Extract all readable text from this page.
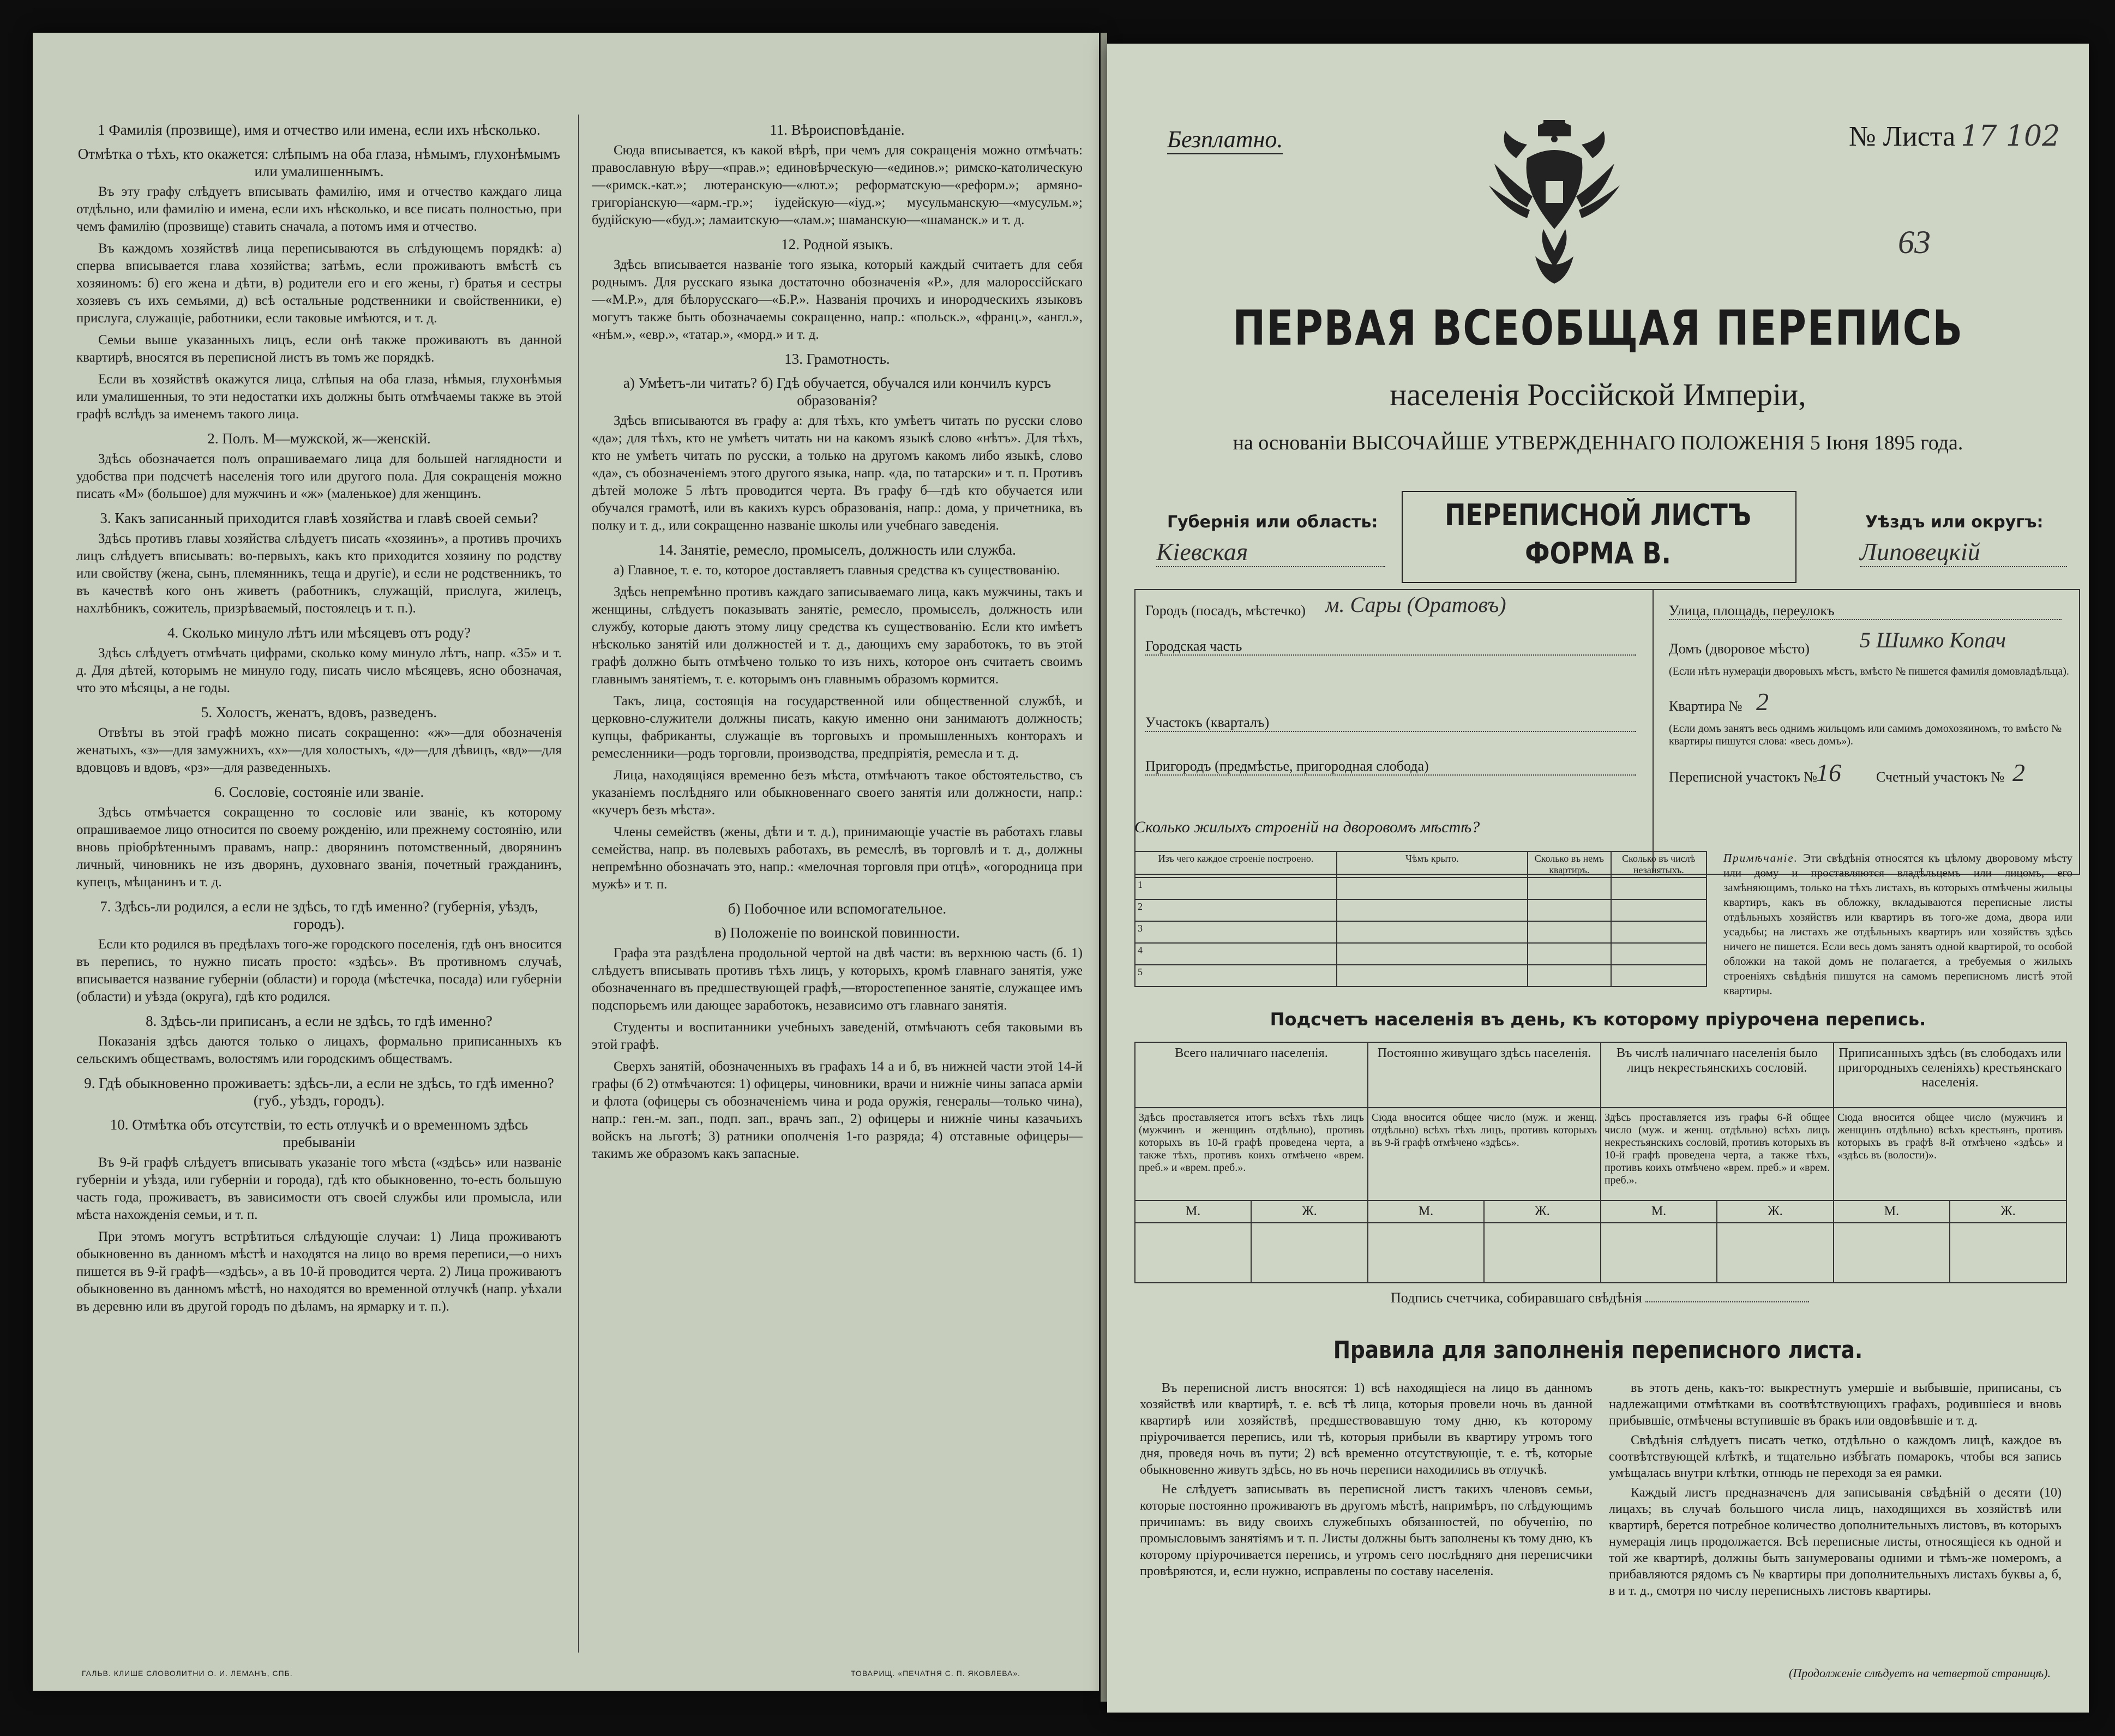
1 Фамилія (прозвище), имя и отчество или имена, если ихъ нѣсколько.
Отмѣтка о тѣхъ, кто окажется: слѣпымъ на оба глаза, нѣмымъ, глухонѣмымъ или умалишеннымъ.

Въ эту графу слѣдуетъ вписывать фамилію, имя и отчество каждаго лица отдѣльно, или фамилію и имена, если ихъ нѣсколько, и все писать полностью, при чемъ фамилію (прозвище) ставить сначала, а потомъ имя и отчество.

Въ каждомъ хозяйствѣ лица переписываются въ слѣдующемъ порядкѣ: а) сперва вписывается глава хозяйства; затѣмъ, если проживаютъ вмѣстѣ съ хозяиномъ: б) его жена и дѣти, в) родители его и его жены, г) братья и сестры хозяевъ съ ихъ семьями, д) всѣ остальные родственники и свойственники, е) прислуга, служащіе, работники, если таковые имѣются, и т. д.

Семьи выше указанныхъ лицъ, если онѣ также проживаютъ въ данной квартирѣ, вносятся въ переписной листъ въ томъ же порядкѣ.

Если въ хозяйствѣ окажутся лица, слѣпыя на оба глаза, нѣмыя, глухонѣмыя или умалишенныя, то эти недостатки ихъ должны быть отмѣчаемы также въ этой графѣ вслѣдъ за именемъ такого лица.

2. Полъ. М—мужской, ж—женскій.

Здѣсь обозначается полъ опрашиваемаго лица для большей наглядности и удобства при подсчетѣ населенія того или другого пола. Для сокращенія можно писать «М» (большое) для мужчинъ и «ж» (маленькое) для женщинъ.

3. Какъ записанный приходится главѣ хозяйства и главѣ своей семьи?

Здѣсь противъ главы хозяйства слѣдуетъ писать «хозяинъ», а противъ прочихъ лицъ слѣдуетъ вписывать: во-первыхъ, какъ кто приходится хозяину по родству или свойству (жена, сынъ, племянникъ, теща и другіе), и если не родственникъ, то въ качествѣ кого онъ живетъ (работникъ, служащій, прислуга, жилецъ, нахлѣбникъ, сожитель, призрѣваемый, постоялецъ и т. п.).

4. Сколько минуло лѣтъ или мѣсяцевъ отъ роду?

Здѣсь слѣдуетъ отмѣчать цифрами, сколько кому минуло лѣтъ, напр. «35» и т. д. Для дѣтей, которымъ не минуло году, писать число мѣсяцевъ, ясно обозначая, что это мѣсяцы, а не годы.

5. Холостъ, женатъ, вдовъ, разведенъ.

Отвѣты въ этой графѣ можно писать сокращенно: «ж»—для обозначенія женатыхъ, «з»—для замужнихъ, «х»—для холостыхъ, «д»—для дѣвицъ, «вд»—для вдовцовъ и вдовъ, «рз»—для разведенныхъ.

6. Сословіе, состояніе или званіе.

Здѣсь отмѣчается сокращенно то сословіе или званіе, къ которому опрашиваемое лицо относится по своему рожденію, или прежнему состоянію, или вновь пріобрѣтеннымъ правамъ, напр.: дворянинъ потомственный, дворянинъ личный, чиновникъ не изъ дворянъ, духовнаго званія, почетный гражданинъ, купецъ, мѣщанинъ и т. д.

7. Здѣсь-ли родился, а если не здѣсь, то гдѣ именно? (губернія, уѣздъ, городъ).

Если кто родился въ предѣлахъ того-же городского поселенія, гдѣ онъ вносится въ перепись, то нужно писать просто: «здѣсь». Въ противномъ случаѣ, вписывается название губерніи (области) и города (мѣстечка, посада) или губерніи (области) и уѣзда (округа), гдѣ кто родился.

8. Здѣсь-ли приписанъ, а если не здѣсь, то гдѣ именно?

Показанія здѣсь даются только о лицахъ, формально приписанныхъ къ сельскимъ обществамъ, волостямъ или городскимъ обществамъ.

9. Гдѣ обыкновенно проживаетъ: здѣсь-ли, а если не здѣсь, то гдѣ именно? (губ., уѣздъ, городъ).
10. Отмѣтка объ отсутствіи, то есть отлучкѣ и о временномъ здѣсь пребываніи

Въ 9-й графѣ слѣдуетъ вписывать указаніе того мѣста («здѣсь» или названіе губерніи и уѣзда, или губерніи и города), гдѣ кто обыкновенно, то-есть большую часть года, проживаетъ, въ зависимости отъ своей службы или промысла, или мѣста нахожденія семьи, и т. п.

При этомъ могутъ встрѣтиться слѣдующіе случаи: 1) Лица проживаютъ обыкновенно въ данномъ мѣстѣ и находятся на лицо во время переписи,—о нихъ пишется въ 9-й графѣ—«здѣсь», а въ 10-й проводится черта. 2) Лица проживаютъ обыкновенно въ данномъ мѣстѣ, но находятся во временной отлучкѣ (напр. уѣхали въ деревню или въ другой городъ по дѣламъ, на ярмарку и т. п.).

11. Вѣроисповѣданіе.

Сюда вписывается, къ какой вѣрѣ, при чемъ для сокращенія можно отмѣчать: православную вѣру—«прав.»; единовѣрческую—«единов.»; римско-католическую—«римск.-кат.»; лютеранскую—«лют.»; реформатскую—«реформ.»; армяно-григоріанскую—«арм.-гр.»; іудейскую—«іуд.»; мусульманскую—«мусульм.»; будійскую—«буд.»; ламаитскую—«лам.»; шаманскую—«шаманск.» и т. д.

12. Родной языкъ.

Здѣсь вписывается названіе того языка, который каждый считаетъ для себя роднымъ. Для русскаго языка достаточно обозначенія «Р.», для малороссійскаго—«М.Р.», для бѣлорусскаго—«Б.Р.». Названія прочихъ и инородческихъ языковъ могутъ также быть обозначаемы сокращенно, напр.: «польск.», «франц.», «англ.», «нѣм.», «евр.», «татар.», «морд.» и т. д.

13. Грамотность.
а) Умѣетъ-ли читать? б) Гдѣ обучается, обучался или кончилъ курсъ образованія?

Здѣсь вписываются въ графу а: для тѣхъ, кто умѣетъ читать по русски слово «да»; для тѣхъ, кто не умѣетъ читать ни на какомъ языкѣ слово «нѣтъ». Для тѣхъ, кто не умѣетъ читать по русски, а только на другомъ какомъ либо языкѣ, слово «да», съ обозначеніемъ этого другого языка, напр. «да, по татарски» и т. п. Противъ дѣтей моложе 5 лѣтъ проводится черта. Въ графу б—гдѣ кто обучается или обучался грамотѣ, или въ какихъ курсъ образованія, напр.: дома, у причетника, въ полку и т. д., или сокращенно названіе школы или учебнаго заведенія.

14. Занятіе, ремесло, промыселъ, должность или служба.

а) Главное, т. е. то, которое доставляетъ главныя средства къ существованію.

Здѣсь непремѣнно противъ каждаго записываемаго лица, какъ мужчины, такъ и женщины, слѣдуетъ показывать занятіе, ремесло, промыселъ, должность или службу, которые даютъ этому лицу средства къ существованію. Если кто имѣетъ нѣсколько занятій или должностей и т. д., дающихъ ему заработокъ, то въ этой графѣ должно быть отмѣчено только то изъ нихъ, которое онъ считаетъ своимъ главнымъ занятіемъ, т. е. которымъ онъ главнымъ образомъ кормится.

Такъ, лица, состоящія на государственной или общественной службѣ, и церковно-служители должны писать, какую именно они занимаютъ должность; купцы, фабриканты, служащіе въ торговыхъ и промышленныхъ конторахъ и ремесленники—родъ торговли, производства, предпріятія, ремесла и т. д.

Лица, находящіяся временно безъ мѣста, отмѣчаютъ такое обстоятельство, съ указаніемъ послѣдняго или обыкновеннаго своего занятія или должности, напр.: «кучеръ безъ мѣста».

Члены семействъ (жены, дѣти и т. д.), принимающіе участіе въ работахъ главы семейства, напр. въ полевыхъ работахъ, въ ремеслѣ, въ торговлѣ и т. д., должны непремѣнно обозначать это, напр.: «мелочная торговля при отцѣ», «огородница при мужѣ» и т. п.

б) Побочное или вспомогательное.
в) Положеніе по воинской повинности.

Графа эта раздѣлена продольной чертой на двѣ части: въ верхнюю часть (б. 1) слѣдуетъ вписывать противъ тѣхъ лицъ, у которыхъ, кромѣ главнаго занятія, уже обозначеннаго въ предшествующей графѣ,—второстепенное занятіе, служащее имъ подспорьемъ или дающее заработокъ, независимо отъ главнаго занятія.

Студенты и воспитанники учебныхъ заведеній, отмѣчаютъ себя таковыми въ этой графѣ.

Сверхъ занятій, обозначенныхъ въ графахъ 14 а и б, въ нижней части этой 14-й графы (б 2) отмѣчаются: 1) офицеры, чиновники, врачи и нижніе чины запаса арміи и флота (офицеры съ обозначеніемъ чина и рода оружія, генералы—только чина), напр.: ген.-м. зап., подп. зап., врачъ зап., 2) офицеры и нижніе чины казачьихъ войскъ на льготѣ; 3) ратники ополченія 1-го разряда; 4) отставные офицеры—такимъ же образомъ какъ запасные.

ГАЛЬВ. КЛИШЕ СЛОВОЛИТНИ О. И. ЛЕМАНЪ, СПБ.	ТОВАРИЩ. «ПЕЧАТНЯ С. П. ЯКОВЛЕВА».
Безплатно.	№ Листа 17 102
63
ПЕРВАЯ ВСЕОБЩАЯ ПЕРЕПИСЬ
населенія Россійской Имперіи,
на основаніи ВЫСОЧАЙШЕ УТВЕРЖДЕННАГО ПОЛОЖЕНІЯ 5 Іюня 1895 года.
Губернія или область:
Кіевская
ПЕРЕПИСНОЙ ЛИСТЪ
ФОРМА В.
Уѣздъ или округъ:
Липовецкій
Городъ (посадъ, мѣстечко) м. Сары (Оратовъ)
Городская часть
Участокъ (кварталъ)
Пригородъ (предмѣстье, пригородная слобода)
Улица, площадь, переулокъ
Домъ (дворовое мѣсто) 5 Шимко Копач
(Если нѣтъ нумераціи дворовыхъ мѣстъ, вмѣсто № пишется фамилія домовладѣльца).
Квартира № 2
(Если домъ занятъ весь однимъ жильцомъ или самимъ домохозяиномъ, то вмѣсто № квартиры пишутся слова: «весь домъ»).
Переписной участокъ №
16 Счетный участокъ № 2
Сколько жилыхъ строеній на дворовомъ мѣстѣ?
Изъ чего каждое строеніе построено.	Чѣмъ крыто.	Сколько въ немъ квартиръ.	Сколько въ числѣ незанятыхъ.
1			
2			
3			
4			
5			
Примѣчаніе. Эти свѣдѣнія относятся къ цѣлому дворовому мѣсту или дому и проставляются владѣльцемъ или лицомъ, его замѣняющимъ, только на тѣхъ листахъ, въ которыхъ отмѣчены жильцы квартиръ, какъ въ обложку, вкладываются переписные листы отдѣльныхъ хозяйствъ или квартиръ въ того-же дома, двора или усадьбы; на листахъ же отдѣльныхъ квартиръ или хозяйствъ здѣсь ничего не пишется. Если весь домъ занятъ одной квартирой, то особой обложки на такой домъ не полагается, а требуемыя о жилыхъ строеніяхъ свѣдѣнія пишутся на самомъ переписномъ листѣ этой квартиры.
Подсчетъ населенія въ день, къ которому пріурочена перепись.
Всего наличнаго населенія.		Постоянно живущаго здѣсь населенія.		Въ числѣ наличнаго населенія было лицъ некрестьянскихъ сословій.		Приписанныхъ здѣсь (въ слободахъ или пригородныхъ селеніяхъ) крестьянскаго населенія.	
Здѣсь проставляется итогъ всѣхъ тѣхъ лицъ (мужчинъ и женщинъ отдѣльно), противъ которыхъ въ 10-й графѣ проведена черта, а также тѣхъ, противъ коихъ отмѣчено «врем. преб.» и «врем. преб.».		Сюда вносится общее число (муж. и женщ. отдѣльно) всѣхъ тѣхъ лицъ, противъ которыхъ въ 9-й графѣ отмѣчено «здѣсь».		Здѣсь проставляется изъ графы 6-й общее число (муж. и женщ. отдѣльно) всѣхъ лицъ некрестьянскихъ сословій, противъ которыхъ въ 10-й графѣ проведена черта, а также тѣхъ, противъ коихъ отмѣчено «врем. преб.» и «врем. преб.».		Сюда вносится общее число (мужчинъ и женщинъ отдѣльно) всѣхъ крестьянъ, противъ которыхъ въ графѣ 8-й отмѣчено «здѣсь» и «здѣсь въ (волости)».	
М.	Ж.	М.	Ж.	М.	Ж.	М.	Ж.

Подпись счетчика, собиравшаго свѣдѣнія
Правила для заполненія переписного листа.

Въ переписной листъ вносятся: 1) всѣ находящіеся на лицо въ данномъ хозяйствѣ или квартирѣ, т. е. всѣ тѣ лица, которыя провели ночь въ данной квартирѣ или хозяйствѣ, предшествовавшую тому дню, къ которому пріурочивается перепись, или тѣ, которыя прибыли въ квартиру утромъ того дня, проведя ночь въ пути; 2) всѣ временно отсутствующіе, т. е. тѣ, которые обыкновенно живутъ здѣсь, но въ ночь переписи находились въ отлучкѣ.

Не слѣдуетъ записывать въ переписной листъ такихъ членовъ семьи, которые постоянно проживаютъ въ другомъ мѣстѣ, напримѣръ, по слѣдующимъ причинамъ: въ виду своихъ служебныхъ обязанностей, по обученію, по промысловымъ занятіямъ и т. п. Листы должны быть заполнены къ тому дню, къ которому пріурочивается перепись, и утромъ сего послѣдняго дня переписчики провѣряются, и, если нужно, исправлены по составу населенія.

въ этотъ день, какъ-то: выкрестнутъ умершіе и выбывшіе, приписаны, съ надлежащими отмѣтками въ соотвѣтствующихъ графахъ, родившіеся и вновь прибывшіе, отмѣчены вступившіе въ бракъ или овдовѣвшіе и т. д.

Свѣдѣнія слѣдуетъ писать четко, отдѣльно о каждомъ лицѣ, каждое въ соотвѣтствующей клѣткѣ, и тщательно избѣгать помарокъ, чтобы вся запись умѣщалась внутри клѣтки, отнюдь не переходя за ея рамки.

Каждый листъ предназначенъ для записыванія свѣдѣній о десяти (10) лицахъ; въ случаѣ большого числа лицъ, находящихся въ хозяйствѣ или квартирѣ, берется потребное количество дополнительныхъ листовъ, въ которыхъ нумерація лицъ продолжается. Всѣ переписные листы, относящіеся къ одной и той же квартирѣ, должны быть занумерованы одними и тѣмъ-же номеромъ, а прибавляются рядомъ съ № квартиры при дополнительныхъ листахъ буквы а, б, в и т. д., смотря по числу переписныхъ листовъ квартиры.

(Продолженіе слѣдуетъ на четвертой страницѣ).
